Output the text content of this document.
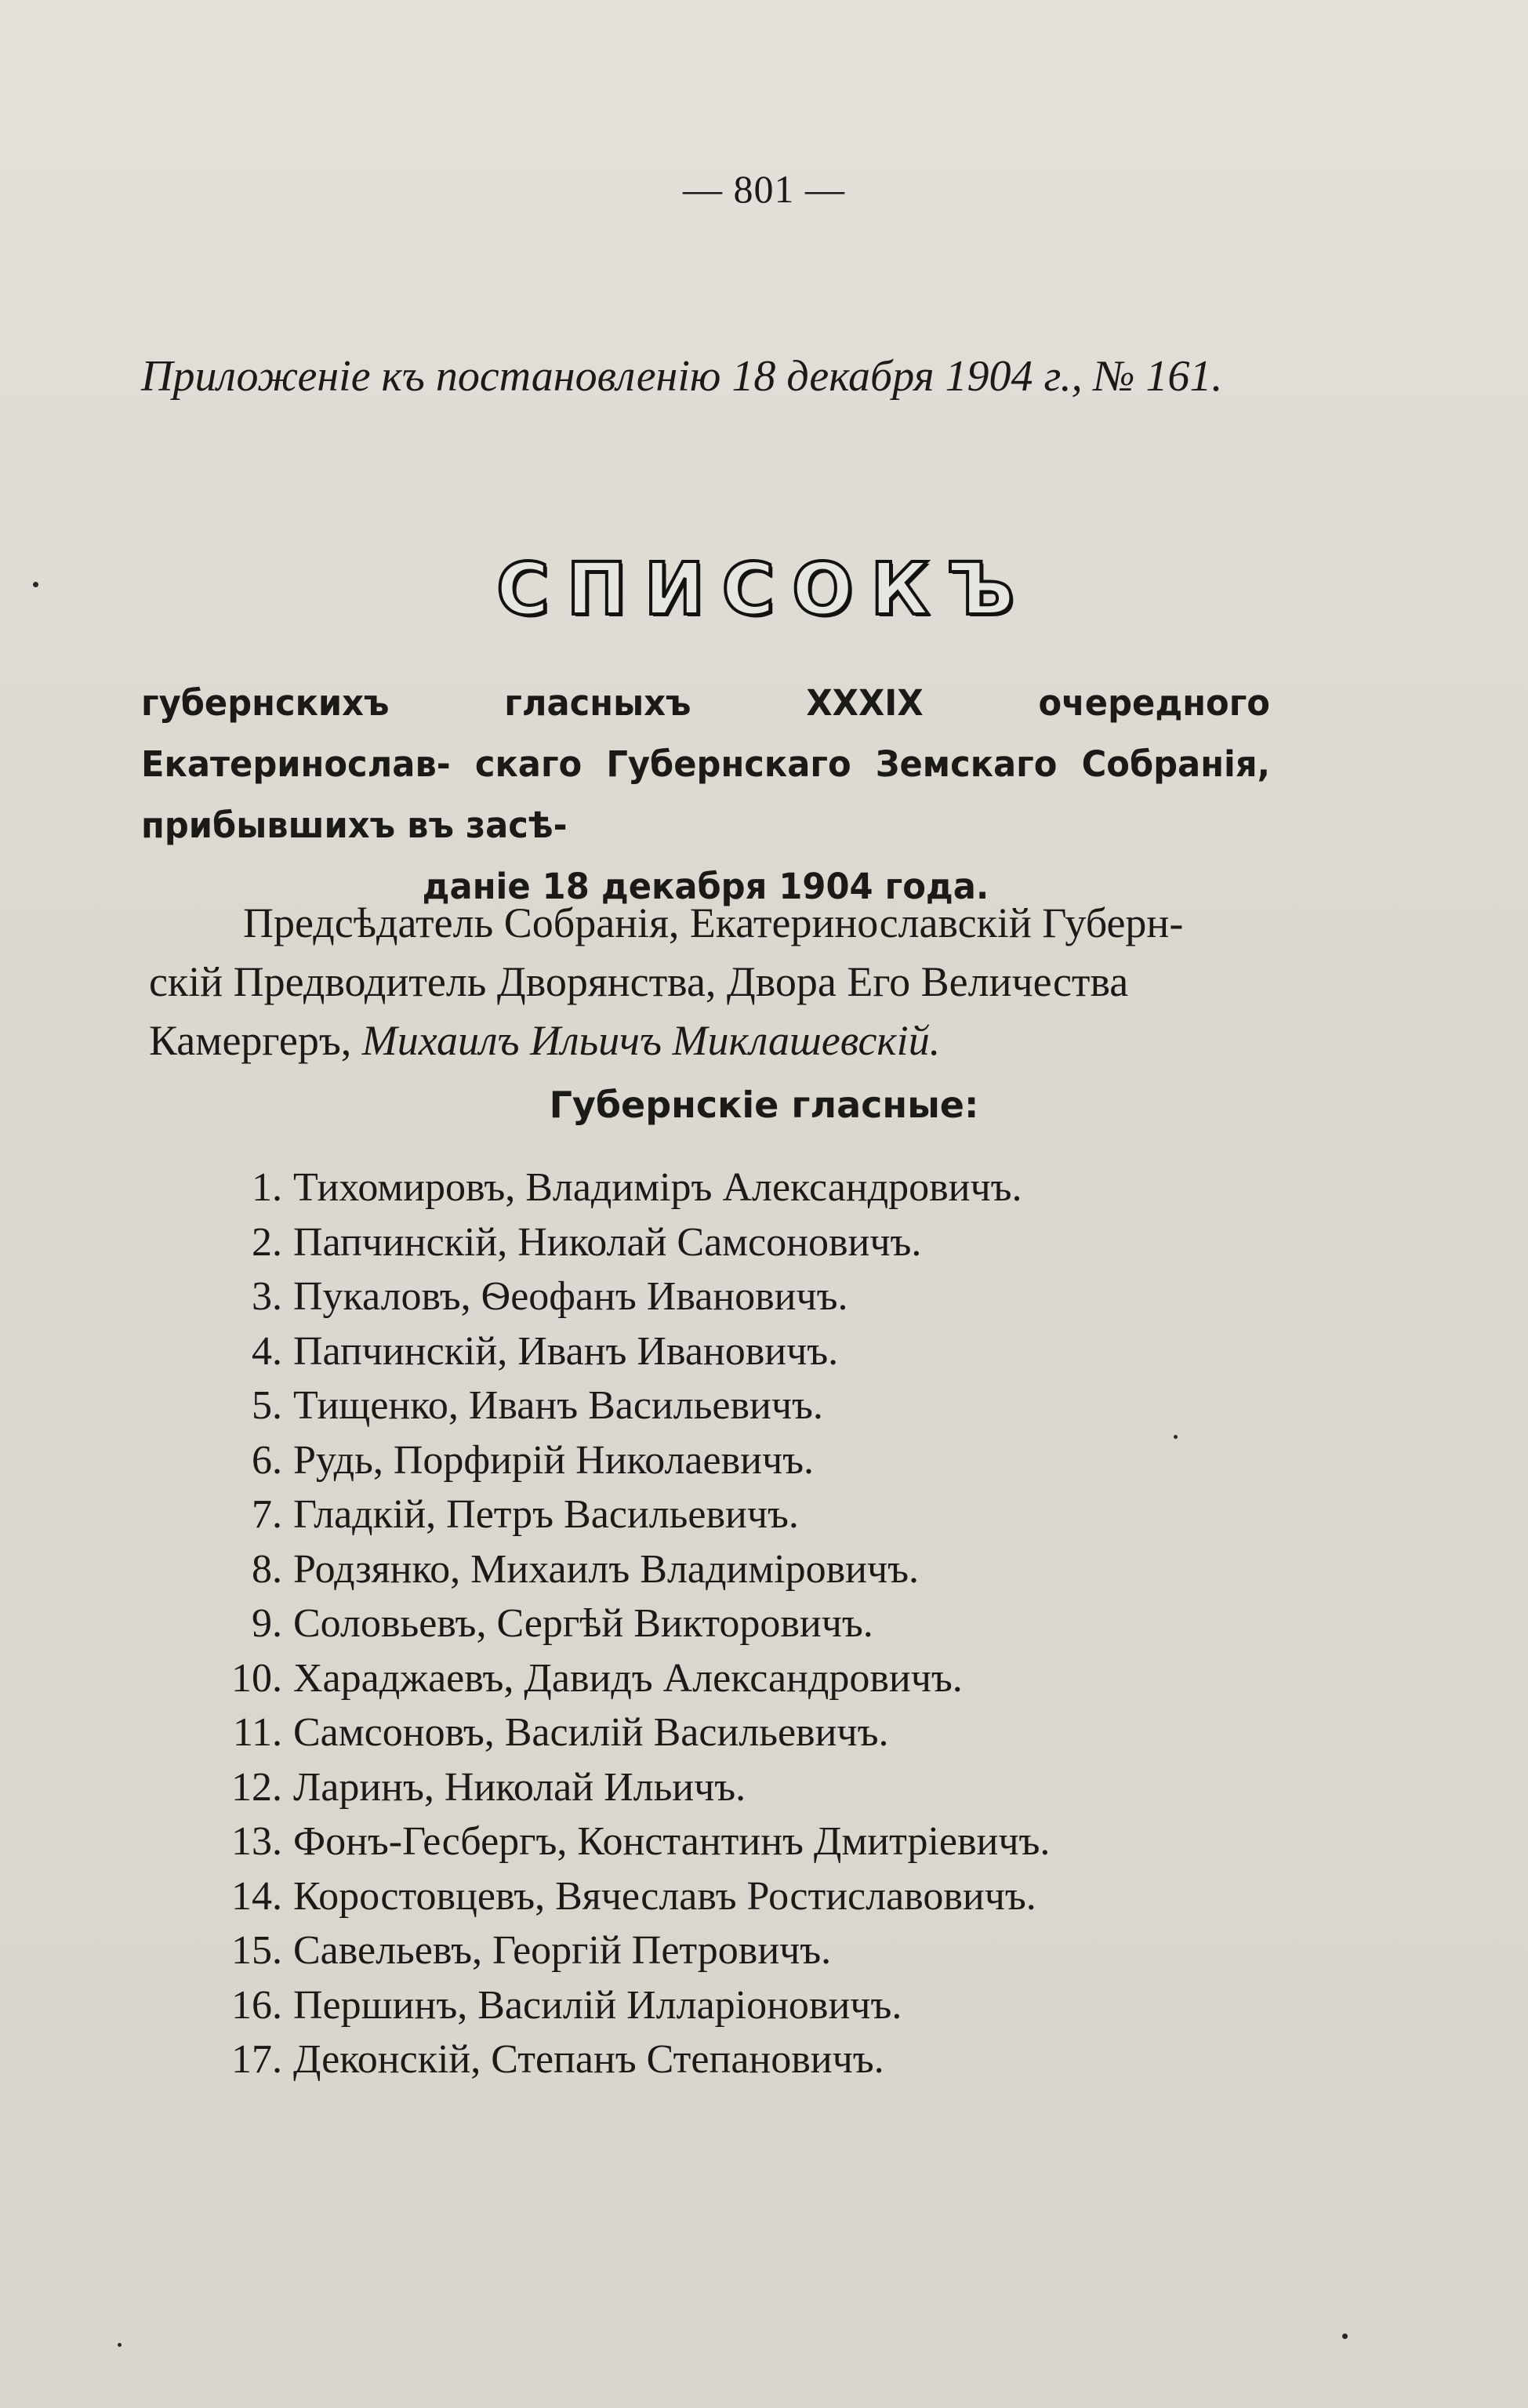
— 801 —
Приложеніе къ постановленію 18 декабря 1904 г., № 161.
СПИСОКЪ
губернскихъ гласныхъ XXXIX очередного Екатеринослав- скаго Губернскаго Земскаго Собранія, прибывшихъ въ засѣ-
даніе 18 декабря 1904 года.
Предсѣдатель Собранія, Екатеринославскій Губерн-
скій Предводитель Дворянства, Двора Его Величества
Камергеръ, Михаилъ Ильичъ Миклашевскій.
Губернскіе гласные:
1. Тихомировъ, Владиміръ Александровичъ.
2. Папчинскій, Николай Самсоновичъ.
3. Пукаловъ, Ѳеофанъ Ивановичъ.
4. Папчинскій, Иванъ Ивановичъ.
5. Тищенко, Иванъ Васильевичъ.
6. Рудь, Порфирій Николаевичъ.
7. Гладкій, Петръ Васильевичъ.
8. Родзянко, Михаилъ Владиміровичъ.
9. Соловьевъ, Сергѣй Викторовичъ.
10. Хараджаевъ, Давидъ Александровичъ.
11. Самсоновъ, Василій Васильевичъ.
12. Ларинъ, Николай Ильичъ.
13. Фонъ-Гесбергъ, Константинъ Дмитріевичъ.
14. Коростовцевъ, Вячеславъ Ростиславовичъ.
15. Савельевъ, Георгій Петровичъ.
16. Першинъ, Василій Илларіоновичъ.
17. Деконскій, Степанъ Степановичъ.
